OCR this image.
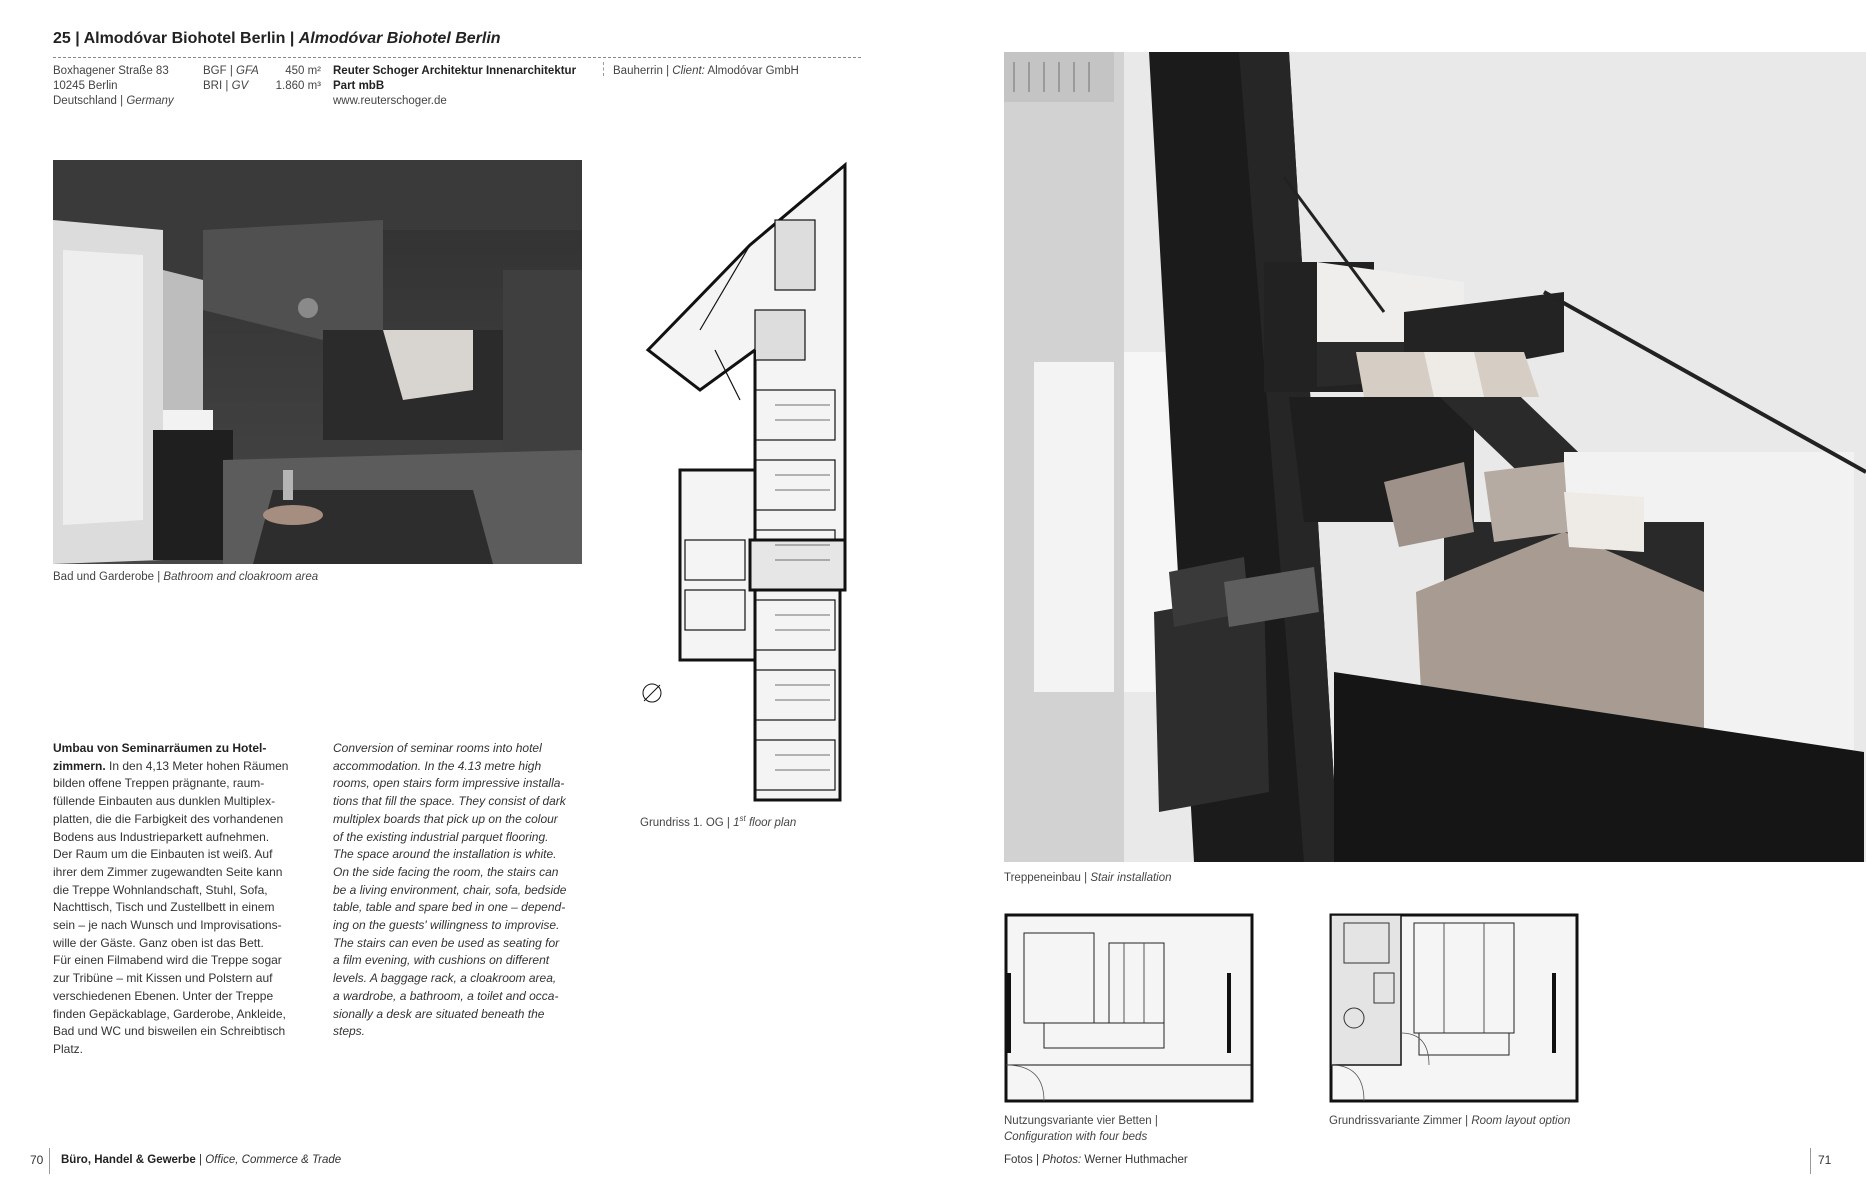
25 | Almodóvar Biohotel Berlin | Almodóvar Biohotel Berlin
Boxhagener Straße 83
10245 Berlin
Deutschland | Germany
BGF | GFA 450 m²
BRI | GV 1.860 m³
Reuter Schoger Architektur Innenarchitektur
Part mbB
www.reuterschoger.de
Bauherrin | Client: Almodóvar GmbH
Bad und Garderobe | Bathroom and cloakroom area
Grundriss 1. OG | 1st floor plan
Umbau von Seminarräumen zu Hotel-
zimmern. In den 4,13 Meter hohen Räumen
bilden offene Treppen prägnante, raum-
füllende Einbauten aus dunklen Multiplex-
platten, die die Farbigkeit des vorhandenen
Bodens aus Industrieparkett aufnehmen.
Der Raum um die Einbauten ist weiß. Auf
ihrer dem Zimmer zugewandten Seite kann
die Treppe Wohnlandschaft, Stuhl, Sofa,
Nachttisch, Tisch und Zustellbett in einem
sein – je nach Wunsch und Improvisations-
wille der Gäste. Ganz oben ist das Bett.
Für einen Filmabend wird die Treppe sogar
zur Tribüne – mit Kissen und Polstern auf
verschiedenen Ebenen. Unter der Treppe
finden Gepäckablage, Garderobe, Ankleide,
Bad und WC und bisweilen ein Schreibtisch
Platz.
Conversion of seminar rooms into hotel
accommodation. In the 4.13 metre high
rooms, open stairs form impressive installa-
tions that fill the space. They consist of dark
multiplex boards that pick up on the colour
of the existing industrial parquet flooring.
The space around the installation is white.
On the side facing the room, the stairs can
be a living environment, chair, sofa, bedside
table, table and spare bed in one – depend-
ing on the guests' willingness to improvise.
The stairs can even be used as seating for
a film evening, with cushions on different
levels. A baggage rack, a cloakroom area,
a wardrobe, a bathroom, a toilet and occa-
sionally a desk are situated beneath the
steps.
Treppeneinbau | Stair installation
Nutzungsvariante vier Betten |
Configuration with four beds
Grundrissvariante Zimmer | Room layout option
70 Büro, Handel & Gewerbe | Office, Commerce & Trade	Fotos | Photos: Werner Huthmacher	71
